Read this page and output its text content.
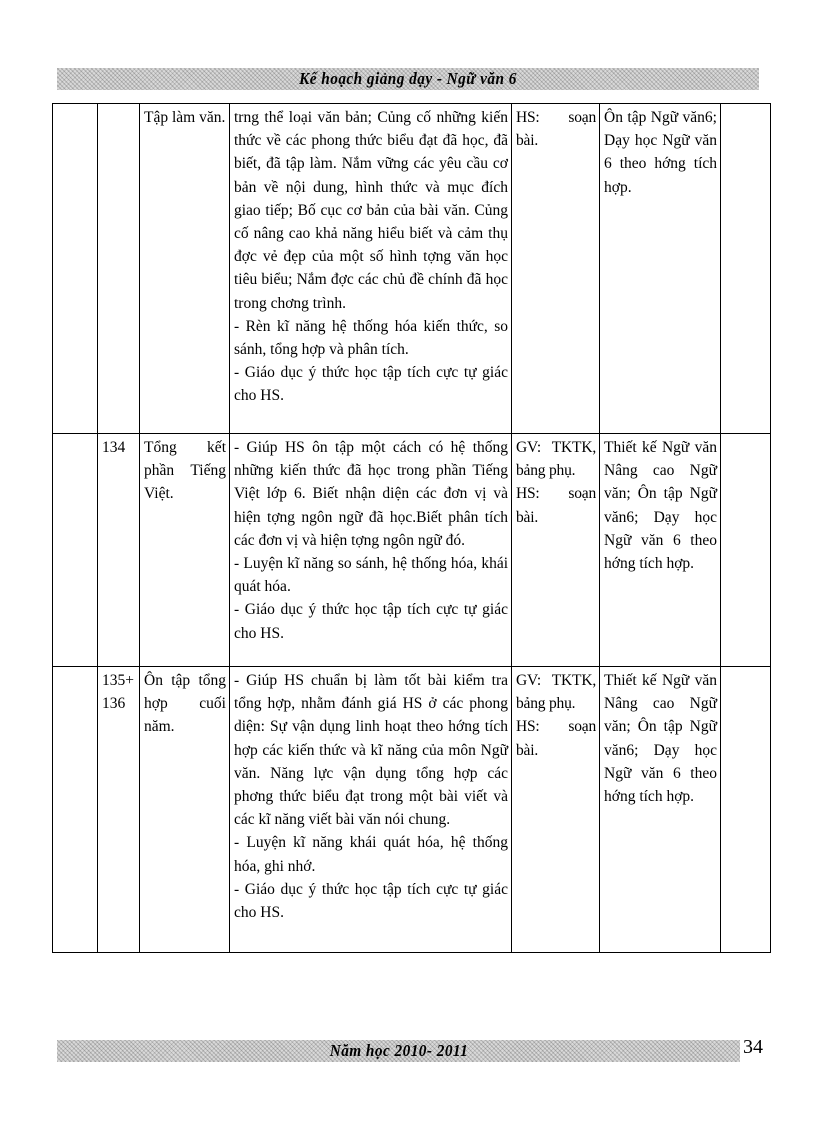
Kế hoạch giảng dạy - Ngữ văn 6
		Tập làm văn.	trng thể loại văn bản; Củng cố những kiến thức về các phong thức biểu đạt đã học, đã biết, đã tập làm. Nắm vững các yêu cầu cơ bản về nội dung, hình thức và mục đích giao tiếp; Bố cục cơ bản của bài văn. Củng cố nâng cao khả năng hiểu biết và cảm thụ đợc vẻ đẹp của một số hình tợng văn học tiêu biểu; Nắm đợc các chủ đề chính đã học trong chơng trình.
- Rèn kĩ năng hệ thống hóa kiến thức, so sánh, tổng hợp và phân tích.
- Giáo dục ý thức học tập tích cực tự giác cho HS.	HS: soạn bài.	Ôn tập Ngữ văn6; Dạy học Ngữ văn 6 theo hớng tích hợp.	

	134	Tổng kết phần Tiếng Việt.	- Giúp HS ôn tập một cách có hệ thống những kiến thức đã học trong phần Tiếng Việt lớp 6. Biết nhận diện các đơn vị và hiện tợng ngôn ngữ đã học.Biết phân tích các đơn vị và hiện tợng ngôn ngữ đó.
- Luyện kĩ năng so sánh, hệ thống hóa, khái quát hóa.
- Giáo dục ý thức học tập tích cực tự giác cho HS.	GV: TKTK, bảng phụ.
HS: soạn bài.	Thiết kế Ngữ văn Nâng cao Ngữ văn; Ôn tập Ngữ văn6; Dạy học Ngữ văn 6 theo hớng tích hợp.	

	135+ 136	Ôn tập tổng hợp cuối năm.	- Giúp HS chuẩn bị làm tốt bài kiểm tra tổng hợp, nhằm đánh giá HS ở các phong diện: Sự vận dụng linh hoạt theo hớng tích hợp các kiến thức và kĩ năng của môn Ngữ văn. Năng lực vận dụng tổng hợp các phơng thức biểu đạt trong một bài viết và các kĩ năng viết bài văn nói chung.
- Luyện kĩ năng khái quát hóa, hệ thống hóa, ghi nhớ.
- Giáo dục ý thức học tập tích cực tự giác cho HS.	GV: TKTK, bảng phụ.
HS: soạn bài.	Thiết kế Ngữ văn Nâng cao Ngữ văn; Ôn tập Ngữ văn6; Dạy học Ngữ văn 6 theo hớng tích hợp.	

Năm học 2010- 2011	34
